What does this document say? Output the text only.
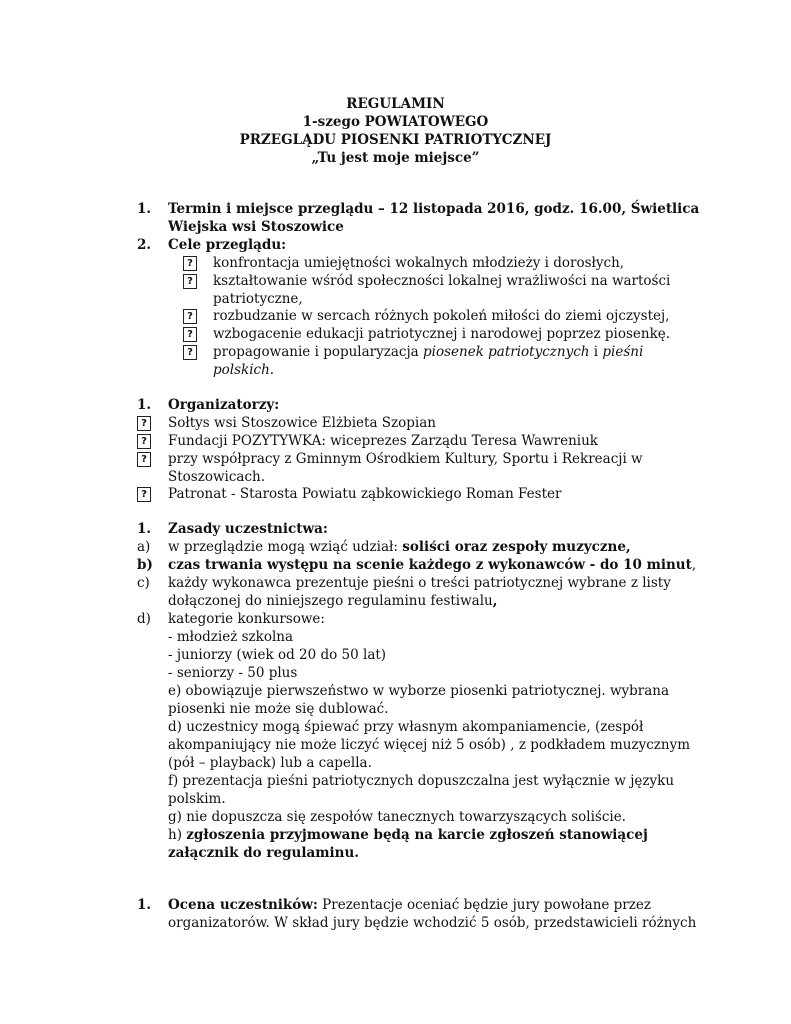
REGULAMIN
1-szego POWIATOWEGO
PRZEGLĄDU PIOSENKI PATRIOTYCZNEJ
„Tu jest moje miejsce”
1. Termin i miejsce przeglądu – 12 listopada 2016, godz. 16.00, Świetlica
Wiejska wsi Stoszowice
2. Cele przeglądu:
?	konfrontacja umiejętności wokalnych młodzieży i dorosłych,
?	kształtowanie wśród społeczności lokalnej wrażliwości na wartości
patriotyczne,
?	rozbudzanie w sercach różnych pokoleń miłości do ziemi ojczystej,
?	wzbogacenie edukacji patriotycznej i narodowej poprzez piosenkę.
?	propagowanie i popularyzacja piosenek patriotycznych i pieśni
polskich.
1. Organizatorzy:
?	Sołtys wsi Stoszowice Elżbieta Szopian
?	Fundacji POZYTYWKA: wiceprezes Zarządu Teresa Wawreniuk
?	przy współpracy z Gminnym Ośrodkiem Kultury, Sportu i Rekreacji w
Stoszowicach.
?	Patronat - Starosta Powiatu ząbkowickiego Roman Fester
1. Zasady uczestnictwa:
a) w przeglądzie mogą wziąć udział: soliści oraz zespoły muzyczne,
b) czas trwania występu na scenie każdego z wykonawców - do 10 minut,
c) każdy wykonawca prezentuje pieśni o treści patriotycznej wybrane z listy
dołączonej do niniejszego regulaminu festiwalu,
d) kategorie konkursowe:
- młodzież szkolna
- juniorzy (wiek od 20 do 50 lat)
- seniorzy - 50 plus
e) obowiązuje pierwszeństwo w wyborze piosenki patriotycznej. wybrana
piosenki nie może się dublować.
d) uczestnicy mogą śpiewać przy własnym akompaniamencie, (zespół
akompaniujący nie może liczyć więcej niż 5 osób) , z podkładem muzycznym
(pół – playback) lub a capella.
f) prezentacja pieśni patriotycznych dopuszczalna jest wyłącznie w języku
polskim.
g) nie dopuszcza się zespołów tanecznych towarzyszących soliście.
h) zgłoszenia przyjmowane będą na karcie zgłoszeń stanowiącej
załącznik do regulaminu.
1. Ocena uczestników: Prezentacje oceniać będzie jury powołane przez
organizatorów. W skład jury będzie wchodzić 5 osób, przedstawicieli różnych
